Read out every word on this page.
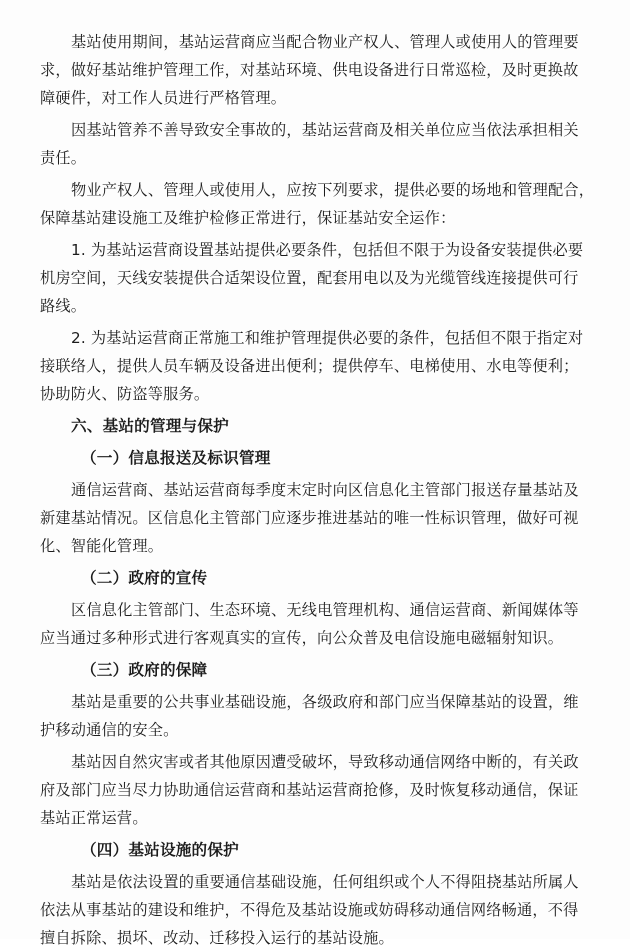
基站使用期间，基站运营商应当配合物业产权人、管理人或使用人的管理要

求，做好基站维护管理工作，对基站环境、供电设备进行日常巡检，及时更换故

障硬件，对工作人员进行严格管理。

因基站管养不善导致安全事故的，基站运营商及相关单位应当依法承担相关

责任。

物业产权人、管理人或使用人，应按下列要求，提供必要的场地和管理配合，

保障基站建设施工及维护检修正常进行，保证基站安全运作：

1. 为基站运营商设置基站提供必要条件，包括但不限于为设备安装提供必要

机房空间，天线安装提供合适架设位置，配套用电以及为光缆管线连接提供可行

路线。

2. 为基站运营商正常施工和维护管理提供必要的条件，包括但不限于指定对

接联络人，提供人员车辆及设备进出便利；提供停车、电梯使用、水电等便利；

协助防火、防盗等服务。

六、基站的管理与保护

（一）信息报送及标识管理

通信运营商、基站运营商每季度末定时向区信息化主管部门报送存量基站及

新建基站情况。区信息化主管部门应逐步推进基站的唯一性标识管理，做好可视

化、智能化管理。

（二）政府的宣传

区信息化主管部门、生态环境、无线电管理机构、通信运营商、新闻媒体等

应当通过多种形式进行客观真实的宣传，向公众普及电信设施电磁辐射知识。

（三）政府的保障

基站是重要的公共事业基础设施，各级政府和部门应当保障基站的设置，维

护移动通信的安全。

基站因自然灾害或者其他原因遭受破坏，导致移动通信网络中断的，有关政

府及部门应当尽力协助通信运营商和基站运营商抢修，及时恢复移动通信，保证

基站正常运营。

（四）基站设施的保护

基站是依法设置的重要通信基础设施，任何组织或个人不得阻挠基站所属人

依法从事基站的建设和维护，不得危及基站设施或妨碍移动通信网络畅通，不得

擅自拆除、损坏、改动、迁移投入运行的基站设施。
